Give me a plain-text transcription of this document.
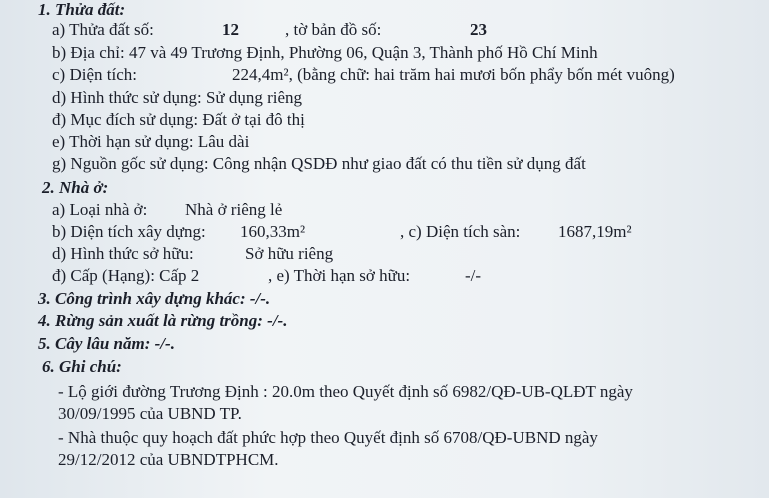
1. Thửa đất:
a) Thửa đất số:	12	, tờ bản đồ số:	23
b) Địa chỉ: 47 và 49 Trương Định, Phường 06, Quận 3, Thành phố Hồ Chí Minh
c) Diện tích:	224,4m², (bằng chữ: hai trăm hai mươi bốn phẩy bốn mét vuông)
d) Hình thức sử dụng: Sử dụng riêng
đ) Mục đích sử dụng: Đất ở tại đô thị
e) Thời hạn sử dụng: Lâu dài
g) Nguồn gốc sử dụng: Công nhận QSDĐ như giao đất có thu tiền sử dụng đất
2. Nhà ở:
a) Loại nhà ở: Nhà ở riêng lẻ
b) Diện tích xây dựng: 160,33m²	, c) Diện tích sàn: 1687,19m²
d) Hình thức sở hữu:	Sở hữu riêng
đ) Cấp (Hạng): Cấp 2	, e) Thời hạn sở hữu:	-/-
3. Công trình xây dựng khác: -/-.
4. Rừng sản xuất là rừng trồng: -/-.
5. Cây lâu năm: -/-.
6. Ghi chú:
- Lộ giới đường Trương Định : 20.0m theo Quyết định số 6982/QĐ-UB-QLĐT ngày
30/09/1995 của UBND TP.
- Nhà thuộc quy hoạch đất phức hợp theo Quyết định số 6708/QĐ-UBND ngày
29/12/2012 của UBNDTPHCM.
